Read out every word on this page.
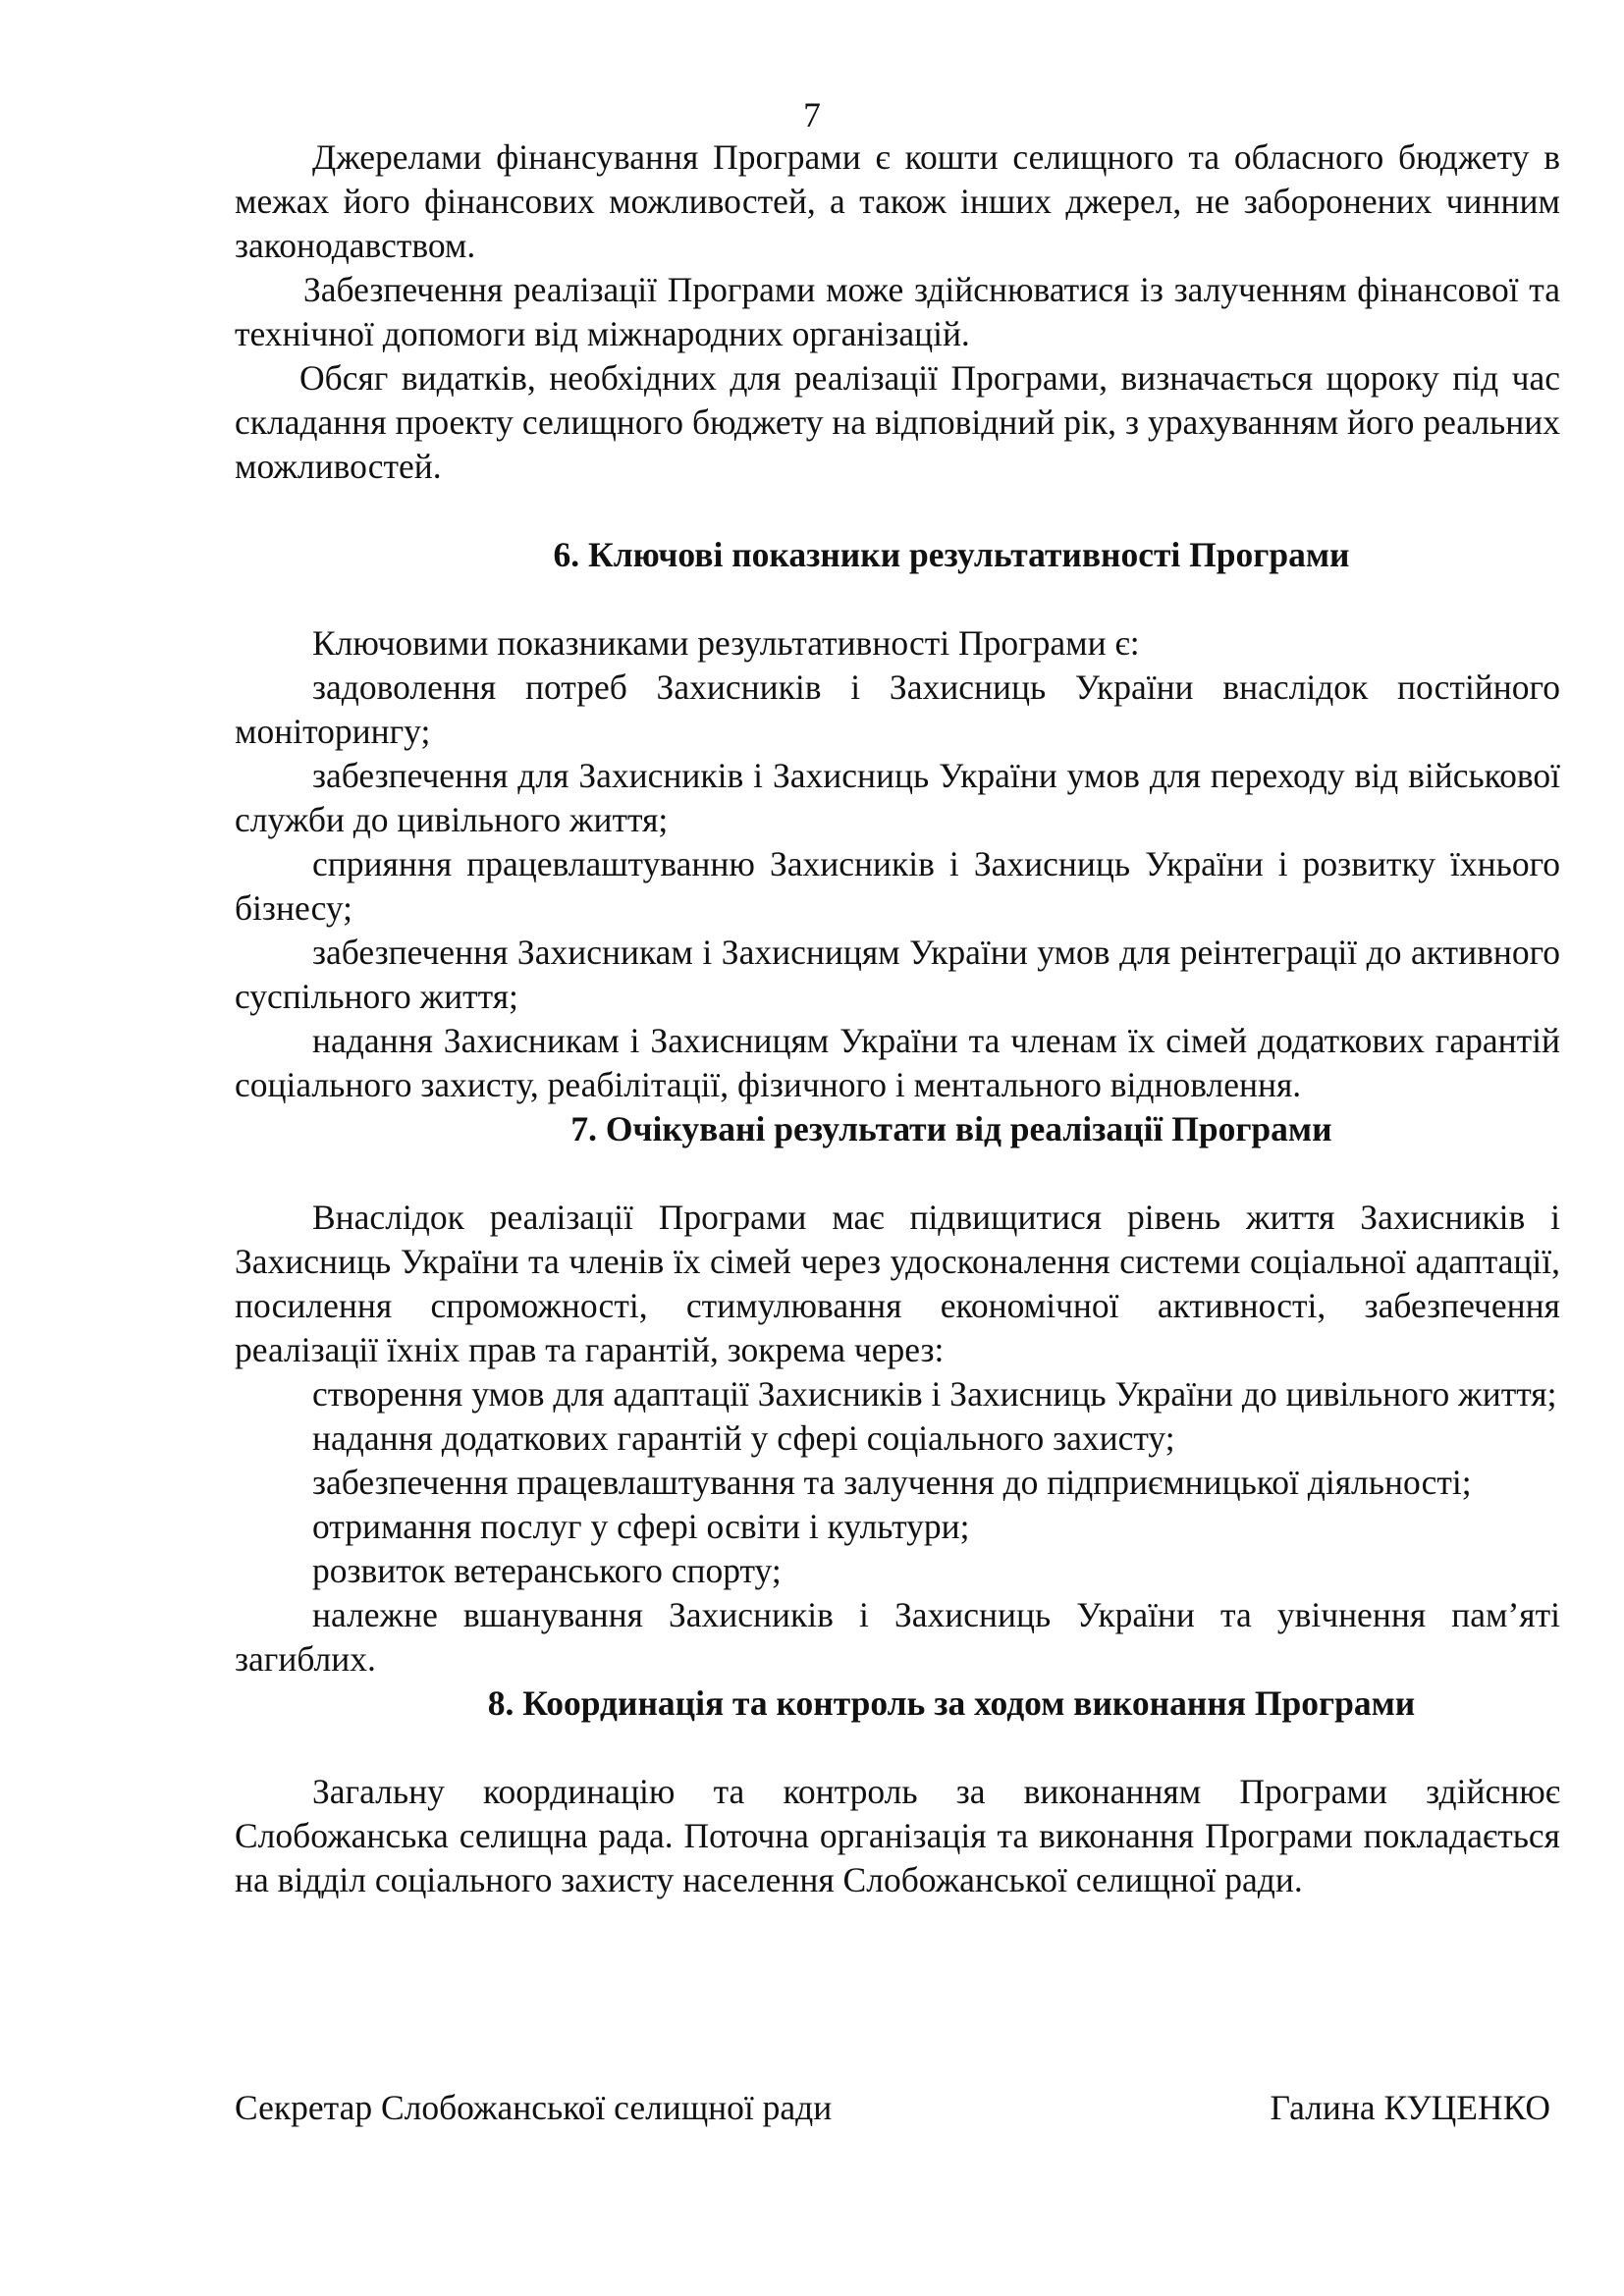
7

Джерелами фінансування Програми є кошти селищного та обласного бюджету в межах його фінансових можливостей, а також інших джерел, не заборонених чинним законодавством.

Забезпечення реалізації Програми може здійснюватися із залученням фінансової та технічної допомоги від міжнародних організацій.

Обсяг видатків, необхідних для реалізації Програми, визначається щороку під час складання проекту селищного бюджету на відповідний рік, з урахуванням його реальних можливостей.

6. Ключові показники результативності Програми

Ключовими показниками результативності Програми є:

задоволення потреб Захисників і Захисниць України внаслідок постійного моніторингу;

забезпечення для Захисників і Захисниць України умов для переходу від військової служби до цивільного життя;

сприяння працевлаштуванню Захисників і Захисниць України і розвитку їхнього бізнесу;

забезпечення Захисникам і Захисницям України умов для реінтеграції до активного суспільного життя;

надання Захисникам і Захисницям України та членам їх сімей додаткових гарантій соціального захисту, реабілітації, фізичного і ментального відновлення.

7. Очікувані результати від реалізації Програми

Внаслідок реалізації Програми має підвищитися рівень життя Захисників і Захисниць України та членів їх сімей через удосконалення системи соціальної адаптації, посилення спроможності, стимулювання економічної активності, забезпечення реалізації їхніх прав та гарантій, зокрема через:

створення умов для адаптації Захисників і Захисниць України до цивільного життя;

надання додаткових гарантій у сфері соціального захисту;

забезпечення працевлаштування та залучення до підприємницької діяльності;

отримання послуг у сфері освіти і культури;

розвиток ветеранського спорту;

належне вшанування Захисників і Захисниць України та увічнення пам’яті загиблих.

8. Координація та контроль за ходом виконання Програми

Загальну координацію та контроль за виконанням Програми здійснює Слобожанська селищна рада. Поточна організація та виконання Програми покладається на відділ соціального захисту населення Слобожанської селищної ради.

Секретар Слобожанської селищної ради	Галина КУЦЕНКО
